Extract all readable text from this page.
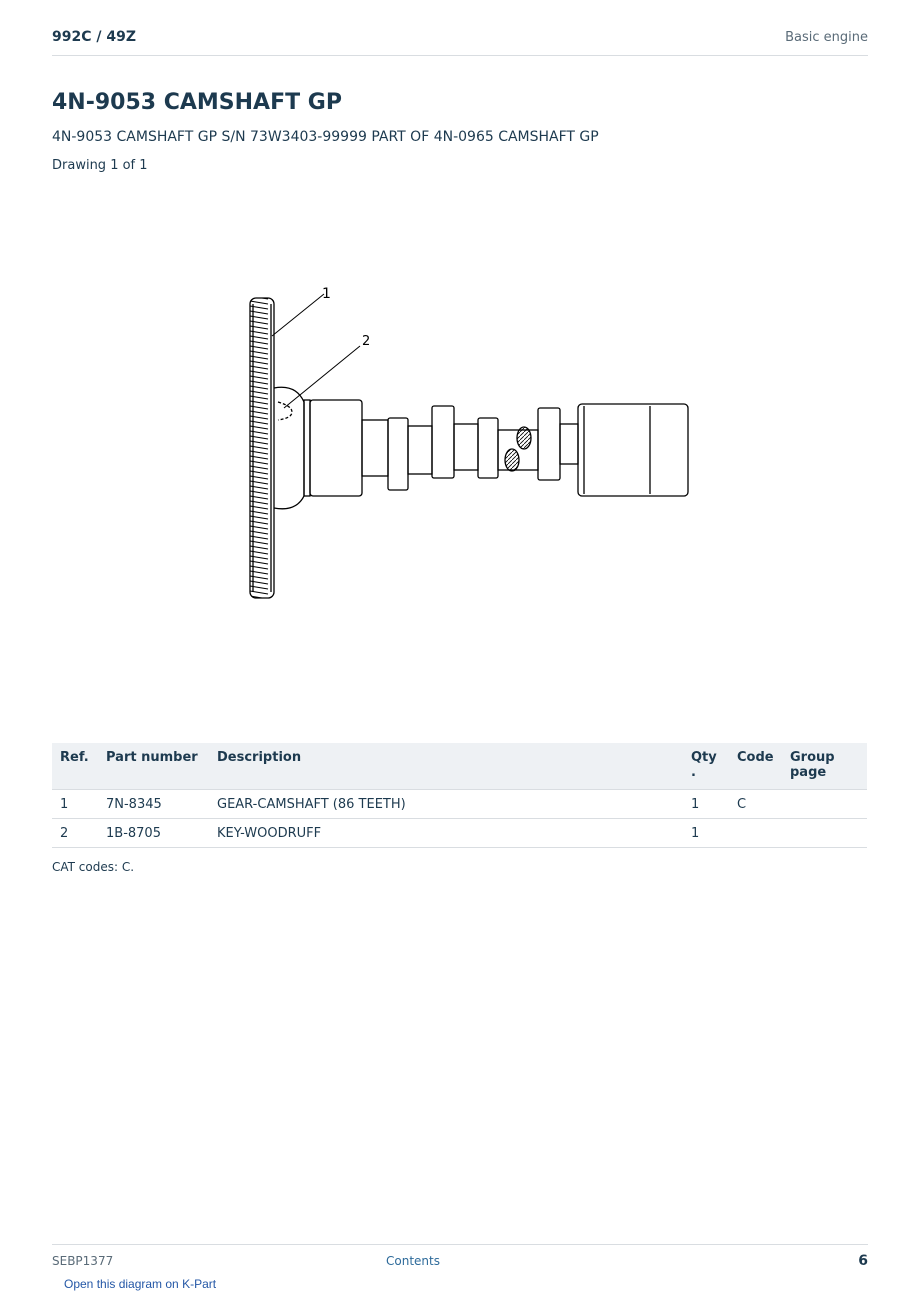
992C / 49Z	Basic engine
4N-9053 CAMSHAFT GP
4N-9053 CAMSHAFT GP S/N 73W3403-99999 PART OF 4N-0965 CAMSHAFT GP
Drawing 1 of 1
1
2
Ref.	Part number	Description	Qty .	Code	Group page
1	7N-8345	GEAR-CAMSHAFT (86 TEETH)	1	C	
2	1B-8705	KEY-WOODRUFF	1		
CAT codes: C.
SEBP1377	Contents	6
Open this diagram on K-Part
